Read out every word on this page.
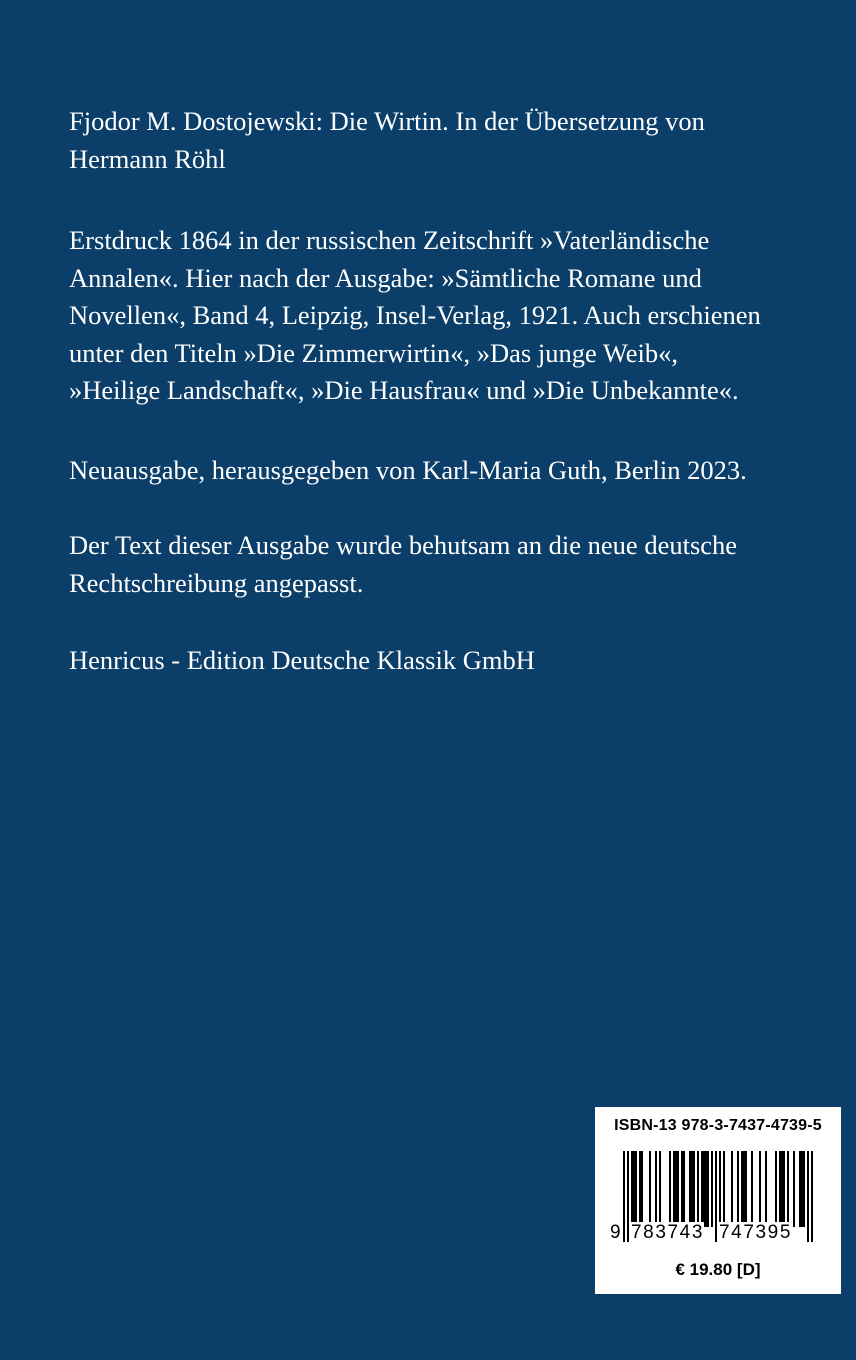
Fjodor M. Dostojewski: Die Wirtin. In der Übersetzung von
Hermann Röhl

Erstdruck 1864 in der russischen Zeitschrift »Vaterländische
Annalen«. Hier nach der Ausgabe: »Sämtliche Romane und
Novellen«, Band 4, Leipzig, Insel-Verlag, 1921. Auch erschienen
unter den Titeln »Die Zimmerwirtin«, »Das junge Weib«,
»Heilige Landschaft«, »Die Hausfrau« und »Die Unbekannte«.

Neuausgabe, herausgegeben von Karl-Maria Guth, Berlin 2023.

Der Text dieser Ausgabe wurde behutsam an die neue deutsche
Rechtschreibung angepasst.

Henricus - Edition Deutsche Klassik GmbH

ISBN-13 978-3-7437-4739-5
€ 19.80 [D]
9 783743 747395
